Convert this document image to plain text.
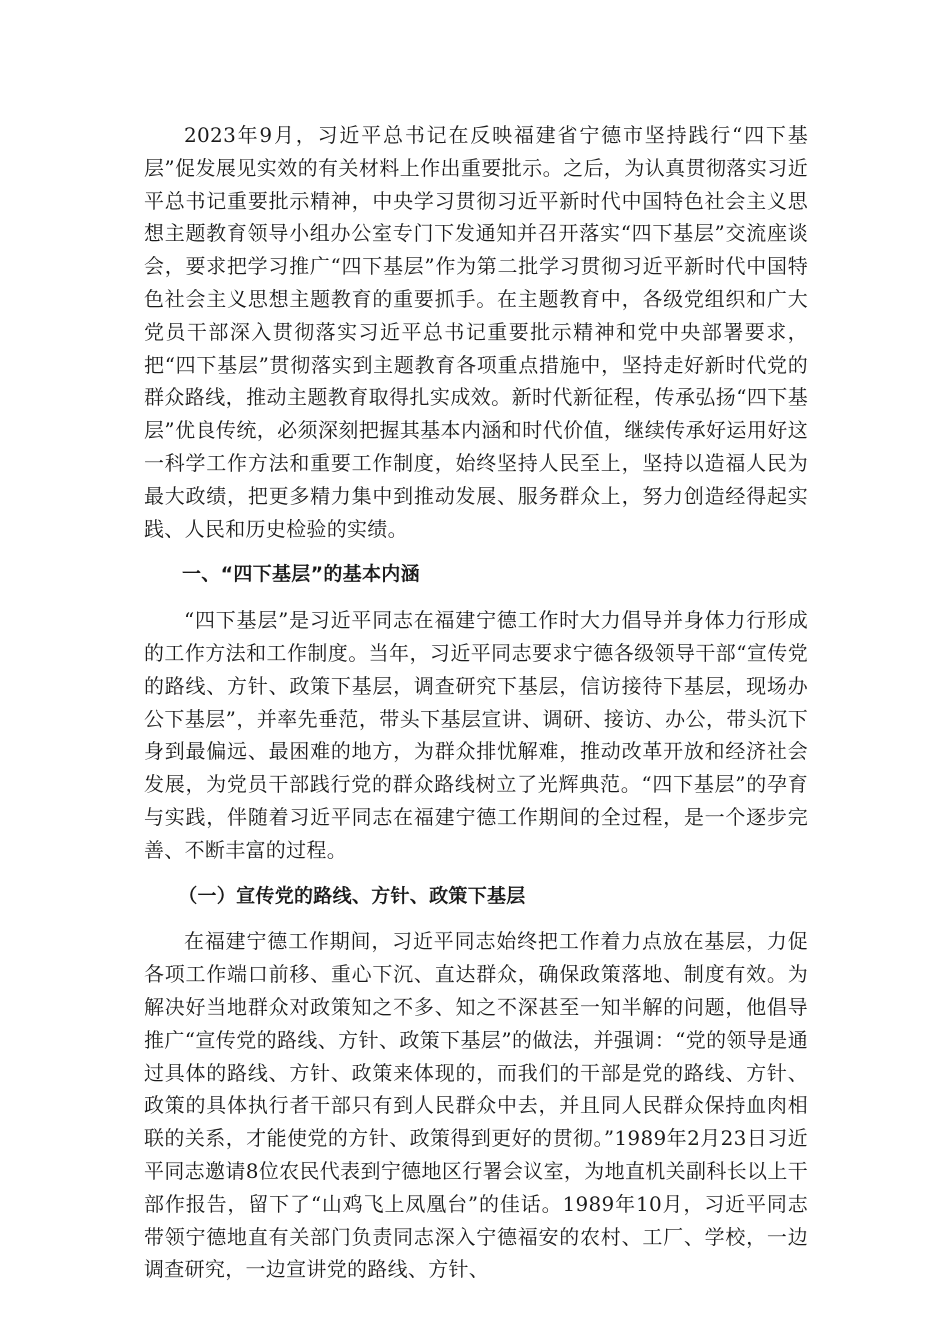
2023年9月，习近平总书记在反映福建省宁德市坚持践行“四下基层”促发展见实效的有关材料上作出重要批示。之后，为认真贯彻落实习近平总书记重要批示精神，中央学习贯彻习近平新时代中国特色社会主义思想主题教育领导小组办公室专门下发通知并召开落实“四下基层”交流座谈会，要求把学习推广“四下基层”作为第二批学习贯彻习近平新时代中国特色社会主义思想主题教育的重要抓手。在主题教育中，各级党组织和广大党员干部深入贯彻落实习近平总书记重要批示精神和党中央部署要求，把“四下基层”贯彻落实到主题教育各项重点措施中，坚持走好新时代党的群众路线，推动主题教育取得扎实成效。新时代新征程，传承弘扬“四下基层”优良传统，必须深刻把握其基本内涵和时代价值，继续传承好运用好这一科学工作方法和重要工作制度，始终坚持人民至上，坚持以造福人民为最大政绩，把更多精力集中到推动发展、服务群众上，努力创造经得起实践、人民和历史检验的实绩。

一、“四下基层”的基本内涵

“四下基层”是习近平同志在福建宁德工作时大力倡导并身体力行形成的工作方法和工作制度。当年，习近平同志要求宁德各级领导干部“宣传党的路线、方针、政策下基层，调查研究下基层，信访接待下基层，现场办公下基层”，并率先垂范，带头下基层宣讲、调研、接访、办公，带头沉下身到最偏远、最困难的地方，为群众排忧解难，推动改革开放和经济社会发展，为党员干部践行党的群众路线树立了光辉典范。“四下基层”的孕育与实践，伴随着习近平同志在福建宁德工作期间的全过程，是一个逐步完善、不断丰富的过程。

（一）宣传党的路线、方针、政策下基层

在福建宁德工作期间，习近平同志始终把工作着力点放在基层，力促各项工作端口前移、重心下沉、直达群众，确保政策落地、制度有效。为解决好当地群众对政策知之不多、知之不深甚至一知半解的问题，他倡导推广“宣传党的路线、方针、政策下基层”的做法，并强调：“党的领导是通过具体的路线、方针、政策来体现的，而我们的干部是党的路线、方针、政策的具体执行者干部只有到人民群众中去，并且同人民群众保持血肉相联的关系，才能使党的方针、政策得到更好的贯彻。”1989年2月23日习近平同志邀请8位农民代表到宁德地区行署会议室，为地直机关副科长以上干部作报告，留下了“山鸡飞上凤凰台”的佳话。1989年10月，习近平同志带领宁德地直有关部门负责同志深入宁德福安的农村、工厂、学校，一边调查研究，一边宣讲党的路线、方针、
